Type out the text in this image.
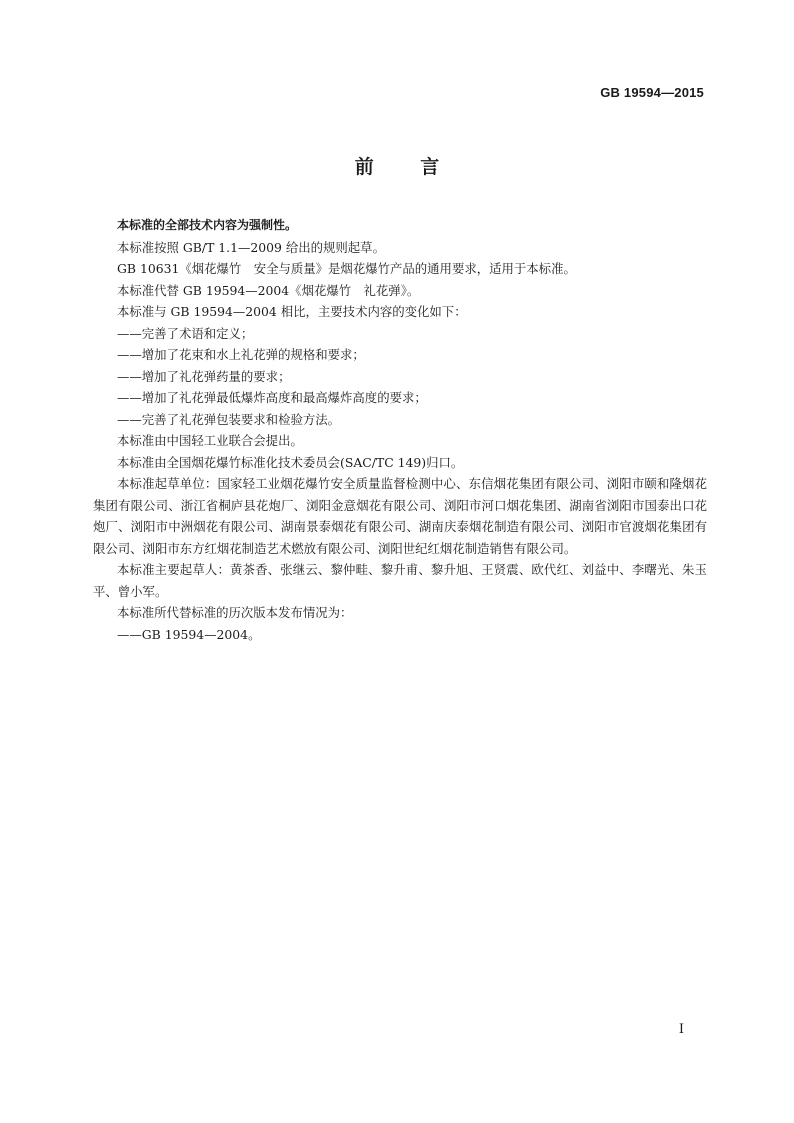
GB 19594—2015
前 言

本标准的全部技术内容为强制性。

本标准按照 GB/T 1.1—2009 给出的规则起草。

GB 10631《烟花爆竹　安全与质量》是烟花爆竹产品的通用要求，适用于本标准。

本标准代替 GB 19594—2004《烟花爆竹　礼花弹》。

本标准与 GB 19594—2004 相比，主要技术内容的变化如下：

——完善了术语和定义；

——增加了花束和水上礼花弹的规格和要求；

——增加了礼花弹药量的要求；

——增加了礼花弹最低爆炸高度和最高爆炸高度的要求；

——完善了礼花弹包装要求和检验方法。

本标准由中国轻工业联合会提出。

本标准由全国烟花爆竹标准化技术委员会(SAC/TC 149)归口。

本标准起草单位：国家轻工业烟花爆竹安全质量监督检测中心、东信烟花集团有限公司、浏阳市颐和隆烟花集团有限公司、浙江省桐庐县花炮厂、浏阳金意烟花有限公司、浏阳市河口烟花集团、湖南省浏阳市国泰出口花炮厂、浏阳市中洲烟花有限公司、湖南景泰烟花有限公司、湖南庆泰烟花制造有限公司、浏阳市官渡烟花集团有限公司、浏阳市东方红烟花制造艺术燃放有限公司、浏阳世纪红烟花制造销售有限公司。

本标准主要起草人：黄茶香、张继云、黎仲畦、黎升甫、黎升旭、王贤震、欧代红、刘益中、李曙光、朱玉平、曾小军。

本标准所代替标准的历次版本发布情况为：

——GB 19594—2004。

I
